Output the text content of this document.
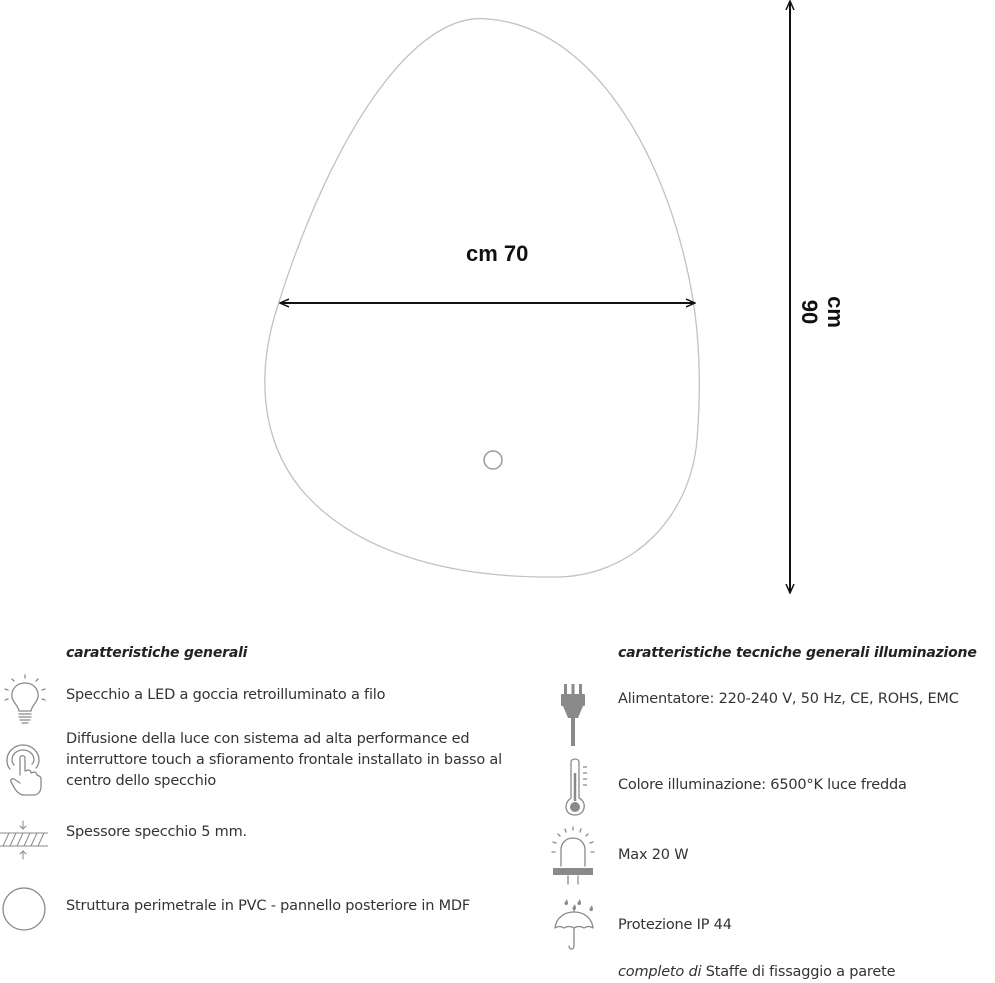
cm 70
cm 90
caratteristiche generali
Specchio a LED a goccia retroilluminato a filo
Diffusione della luce con sistema ad alta performance ed interruttore touch a sfioramento frontale installato in basso al centro dello specchio
Spessore specchio 5 mm.
Struttura perimetrale in PVC - pannello posteriore in MDF
caratteristiche tecniche generali illuminazione
Alimentatore: 220-240 V, 50 Hz, CE, ROHS, EMC
Colore illuminazione: 6500°K luce fredda
Max 20 W
Protezione IP 44
completo di Staffe di fissaggio a parete
